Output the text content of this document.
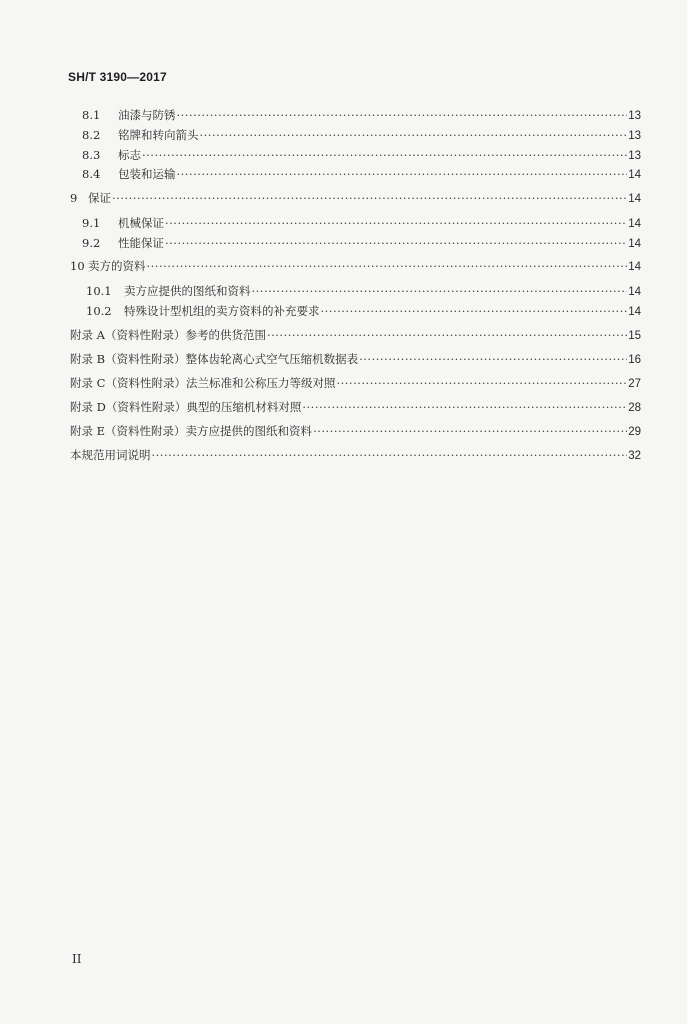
SH/T 3190—2017
8.1	油漆与防锈 ·····	13
8.2	铭牌和转向箭头 ·····	13
8.3	标志 ·····	13
8.4	包装和运输 ·····	14
9 保证 ·····	14
9.1	机械保证 ·····	14
9.2	性能保证 ·····	14
10 卖方的资料 ·····	14
10.1	卖方应提供的图纸和资料 ·····	14
10.2	特殊设计型机组的卖方资料的补充要求 ·····	14
附录 A（资料性附录）参考的供货范围 ·····	15
附录 B（资料性附录）整体齿轮离心式空气压缩机数据表 ·····	16
附录 C（资料性附录）法兰标准和公称压力等级对照 ·····	27
附录 D（资料性附录）典型的压缩机材料对照 ·····	28
附录 E（资料性附录）卖方应提供的图纸和资料 ·····	29
本规范用词说明 ·····	32
II
